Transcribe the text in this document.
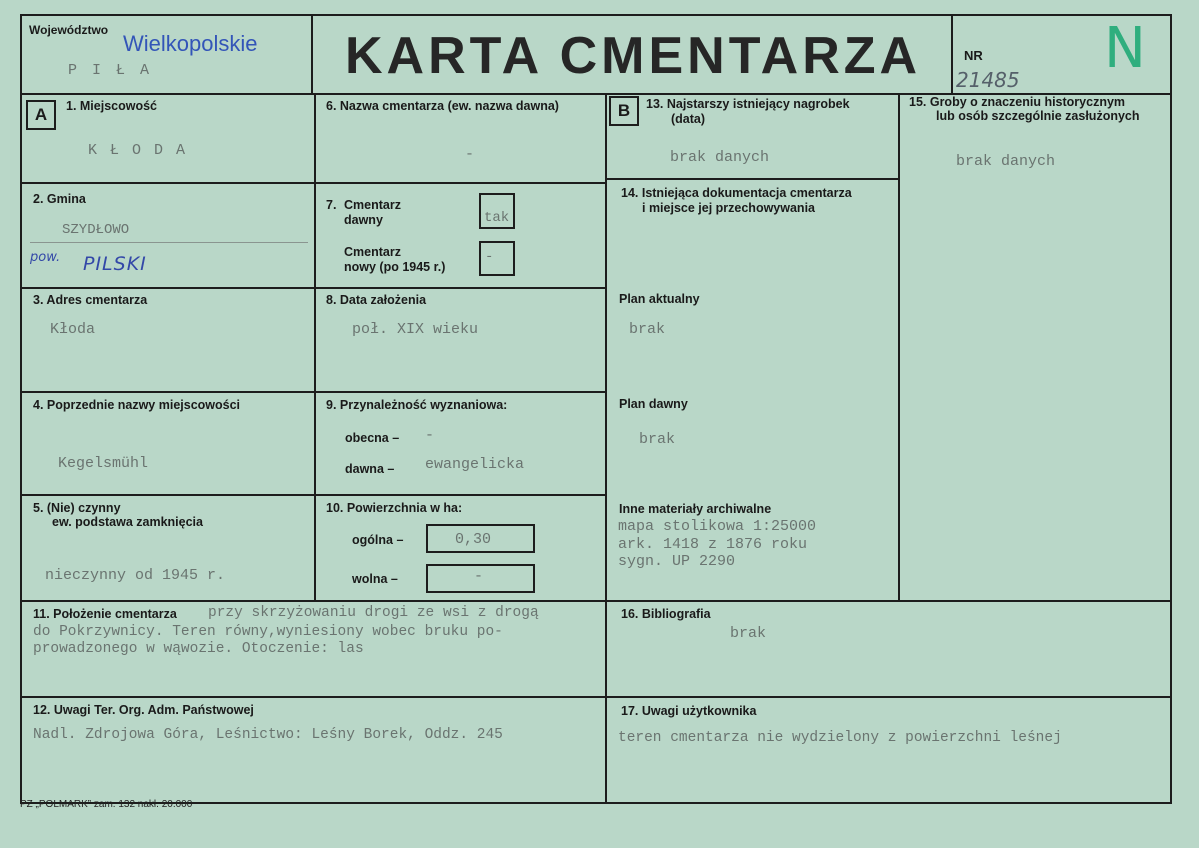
Województwo
Wielkopolskie
P I Ł A	KARTA CMENTARZA	NR N
21485
A	B
1. Miejscowość
K Ł O D A
2. Gmina
SZYDŁOWO
pow. PILSKI
3. Adres cmentarza
Kłoda
4. Poprzednie nazwy miejscowości
Kegelsmühl
5. (Nie) czynny
ew. podstawa zamknięcia
nieczynny od 1945 r.
6. Nazwa cmentarza (ew. nazwa dawna)
-
7. Cmentarz
dawny	tak
Cmentarz
nowy (po 1945 r.)
-
8. Data założenia
poł. XIX wieku
9. Przynależność wyznaniowa:
obecna – -
dawna – ewangelicka
10. Powierzchnia w ha:
ogólna –	0,30
wolna –	-
11. Położenie cmentarza przy skrzyżowaniu drogi ze wsi z drogą
do Pokrzywnicy. Teren równy,wyniesiony wobec bruku po-
prowadzonego w wąwozie. Otoczenie: las
12. Uwagi Ter. Org. Adm. Państwowej
Nadl. Zdrojowa Góra, Leśnictwo: Leśny Borek, Oddz. 245
13. Najstarszy istniejący nagrobek
(data)
brak danych
14. Istniejąca dokumentacja cmentarza
i miejsce jej przechowywania
Plan aktualny
brak
Plan dawny
brak
Inne materiały archiwalne
mapa stolikowa 1:25000
ark. 1418 z 1876 roku
sygn. UP 2290
15. Groby o znaczeniu historycznym
lub osób szczególnie zasłużonych
brak danych
16. Bibliografia
brak
17. Uwagi użytkownika
teren cmentarza nie wydzielony z powierzchni leśnej
PZ „POLMARK” zam. 132 nakł. 20.000
